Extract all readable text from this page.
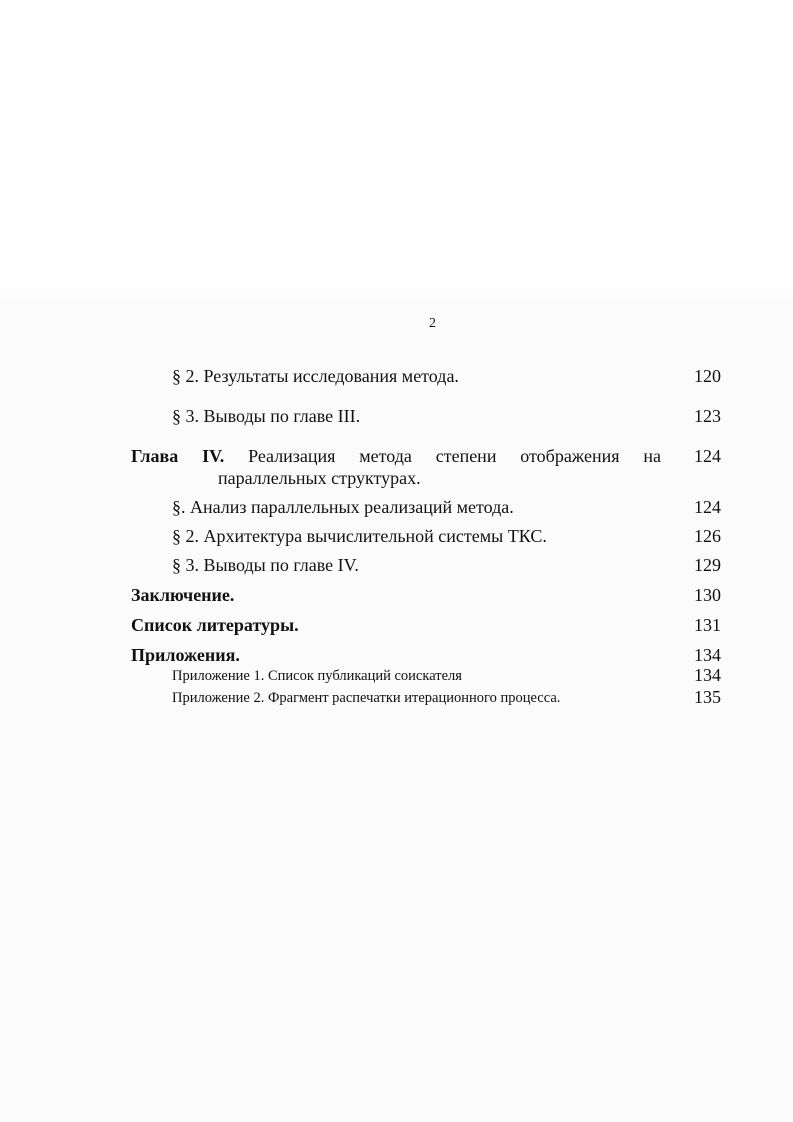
2
§ 2. Результаты исследования метода.	120
§ 3. Выводы по главе III.	123
Глава IV. Реализация метода степени отображения на	124
параллельных структурах.
§. Анализ параллельных реализаций метода.	124
§ 2. Архитектура вычислительной системы ТКС.	126
§ 3. Выводы по главе IV.	129
Заключение.	130
Список литературы.	131
Приложения.	134
Приложение 1. Список публикаций соискателя	134
Приложение 2. Фрагмент распечатки итерационного процесса.	135
